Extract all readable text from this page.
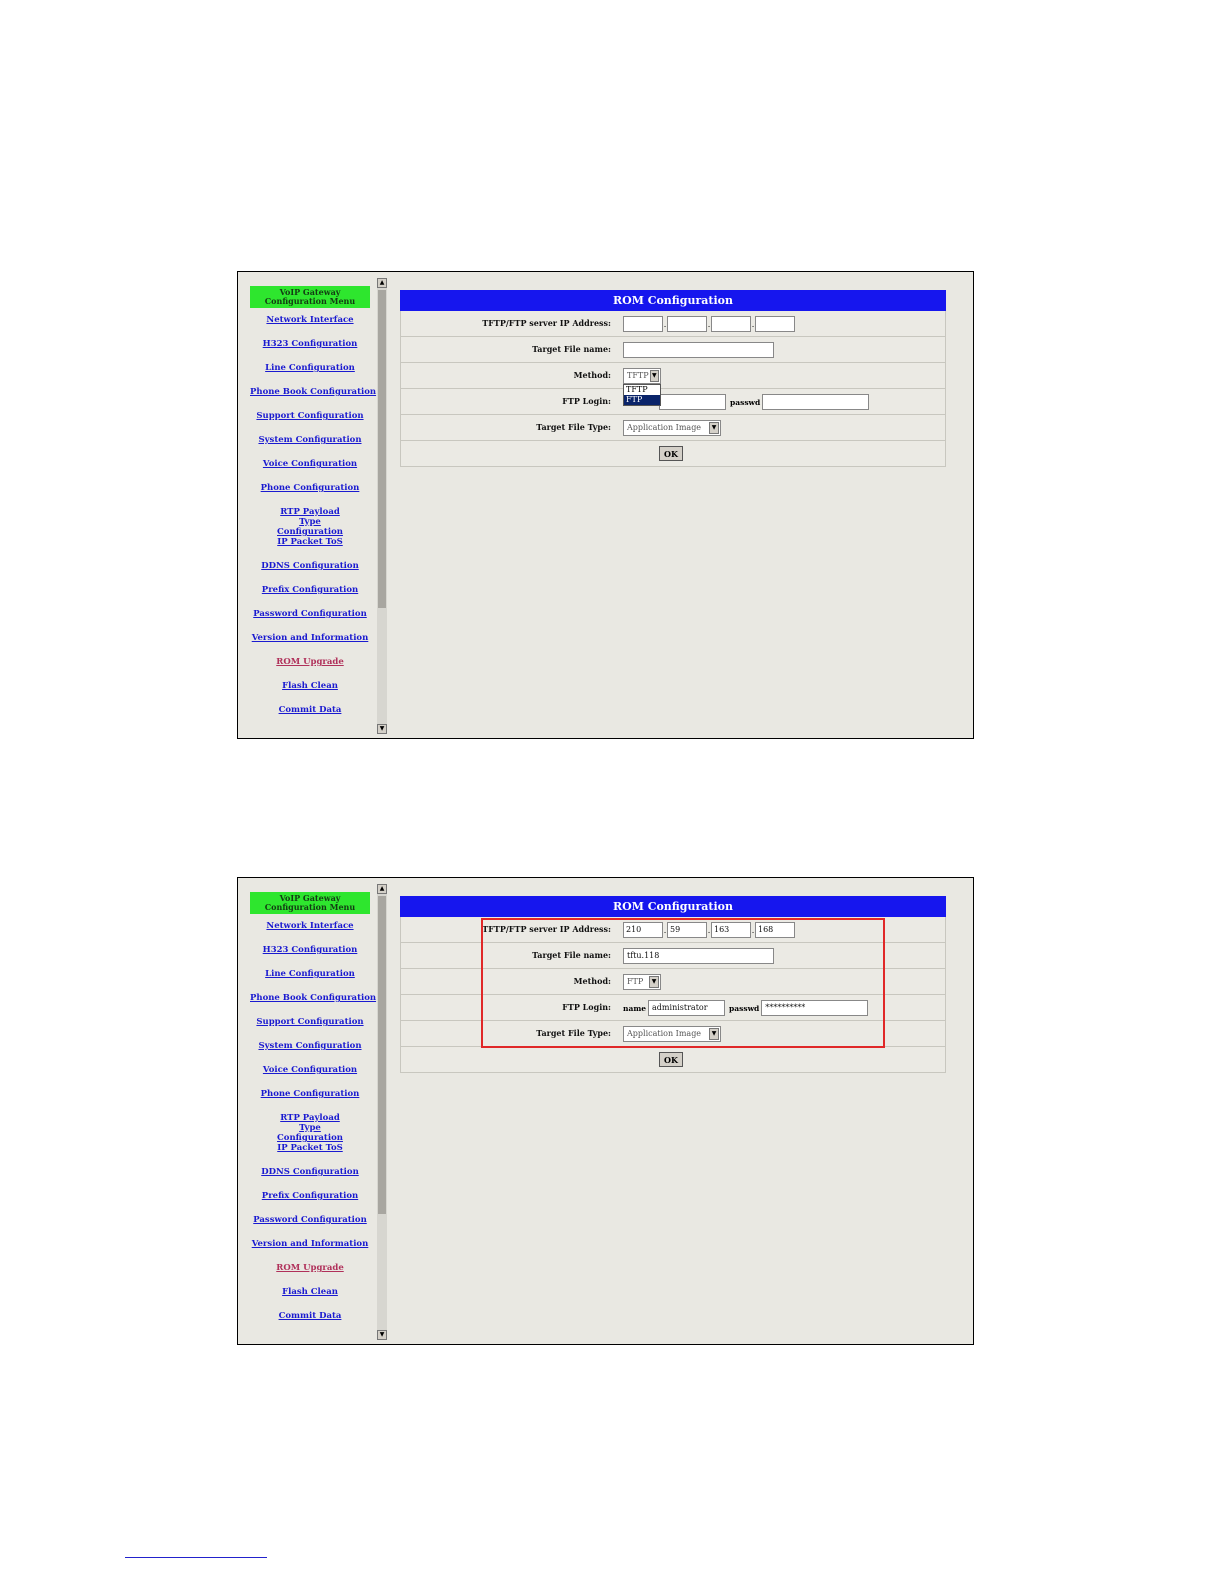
VoIP Gateway Configuration Menu
Network Interface
H323 Configuration
Line Configuration
Phone Book Configuration
Support Configuration
System Configuration
Voice Configuration
Phone Configuration
RTP Payload Type Configuration
IP Packet ToS
DDNS Configuration
Prefix Configuration
Password Configuration
Version and Information
ROM Upgrade
Flash Clean
Commit Data
▲
▼
ROM Configuration
TFTP/FTP server IP Address:	.	.	.
Target File name:
Method:	TFTP ▼
TFTP
FTP
FTP Login:	passwd
Target File Type:	Application Image	▼
OK
VoIP Gateway Configuration Menu
Network Interface
H323 Configuration
Line Configuration
Phone Book Configuration
Support Configuration
System Configuration
Voice Configuration
Phone Configuration
RTP Payload Type Configuration
IP Packet ToS
DDNS Configuration
Prefix Configuration
Password Configuration
Version and Information
ROM Upgrade
Flash Clean
Commit Data
▲
▼
ROM Configuration
TFTP/FTP server IP Address:	210	. 59	. 163	. 168
Target File name:	tftu.118
Method:	FTP	▼
FTP Login: name administrator	passwd **********
Target File Type:	Application Image	▼
OK
